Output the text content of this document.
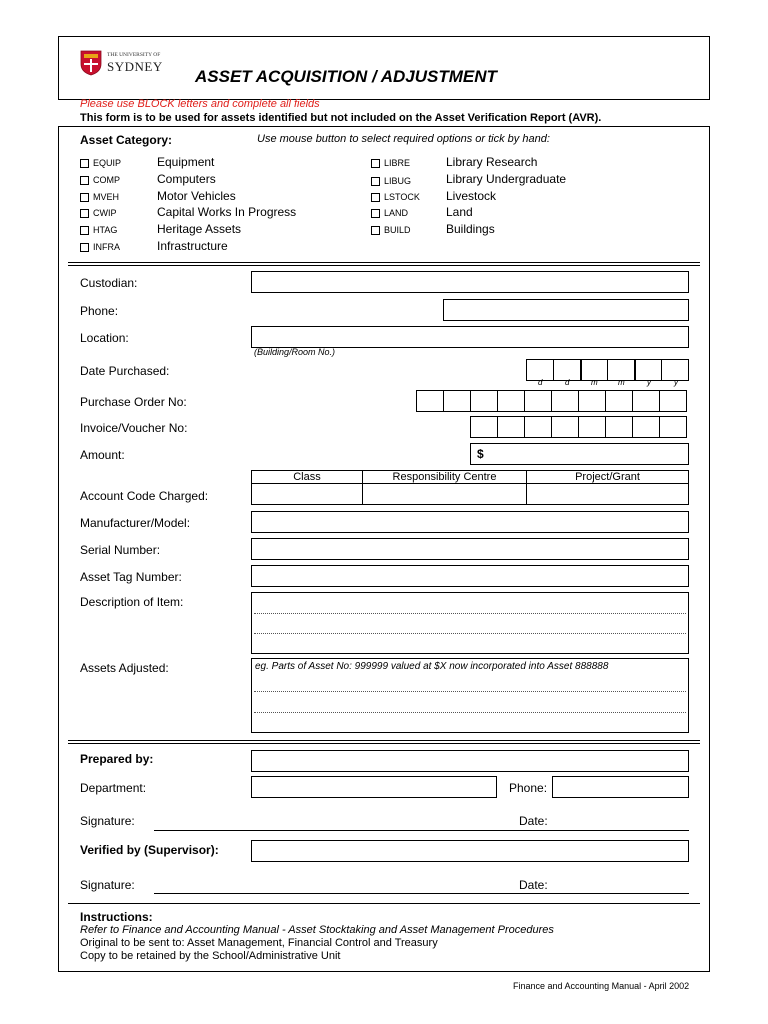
THE UNIVERSITY OF
SYDNEY
ASSET ACQUISITION / ADJUSTMENT
Please use BLOCK letters and complete all fields
This form is to be used for assets identified but not included on the Asset Verification Report (AVR).
Asset Category:	Use mouse button to select required options or tick by hand:
EQUIP	Equipment
COMP	Computers
MVEH	Motor Vehicles
CWIP	Capital Works In Progress
HTAG	Heritage Assets
INFRA	Infrastructure
LIBRE	Library Research
LIBUG	Library Undergraduate
LSTOCK Livestock
LAND	Land
BUILD	Buildings
Custodian:
Phone:
Location:
(Building/Room No.)
Date Purchased:
d	d	m	m	y	y
Purchase Order No:
Invoice/Voucher No:
Amount:	$
Class	Responsibility Centre	Project/Grant
Account Code Charged:
Manufacturer/Model:
Serial Number:
Asset Tag Number:
Description of Item:
Assets Adjusted:	eg. Parts of Asset No: 999999 valued at $X now incorporated into Asset 888888
Prepared by:
Department:	Phone:
Signature:	Date:
Verified by (Supervisor):
Signature:	Date:
Instructions:
Refer to Finance and Accounting Manual - Asset Stocktaking and Asset Management Procedures
Original to be sent to: Asset Management, Financial Control and Treasury
Copy to be retained by the School/Administrative Unit
Finance and Accounting Manual - April 2002
